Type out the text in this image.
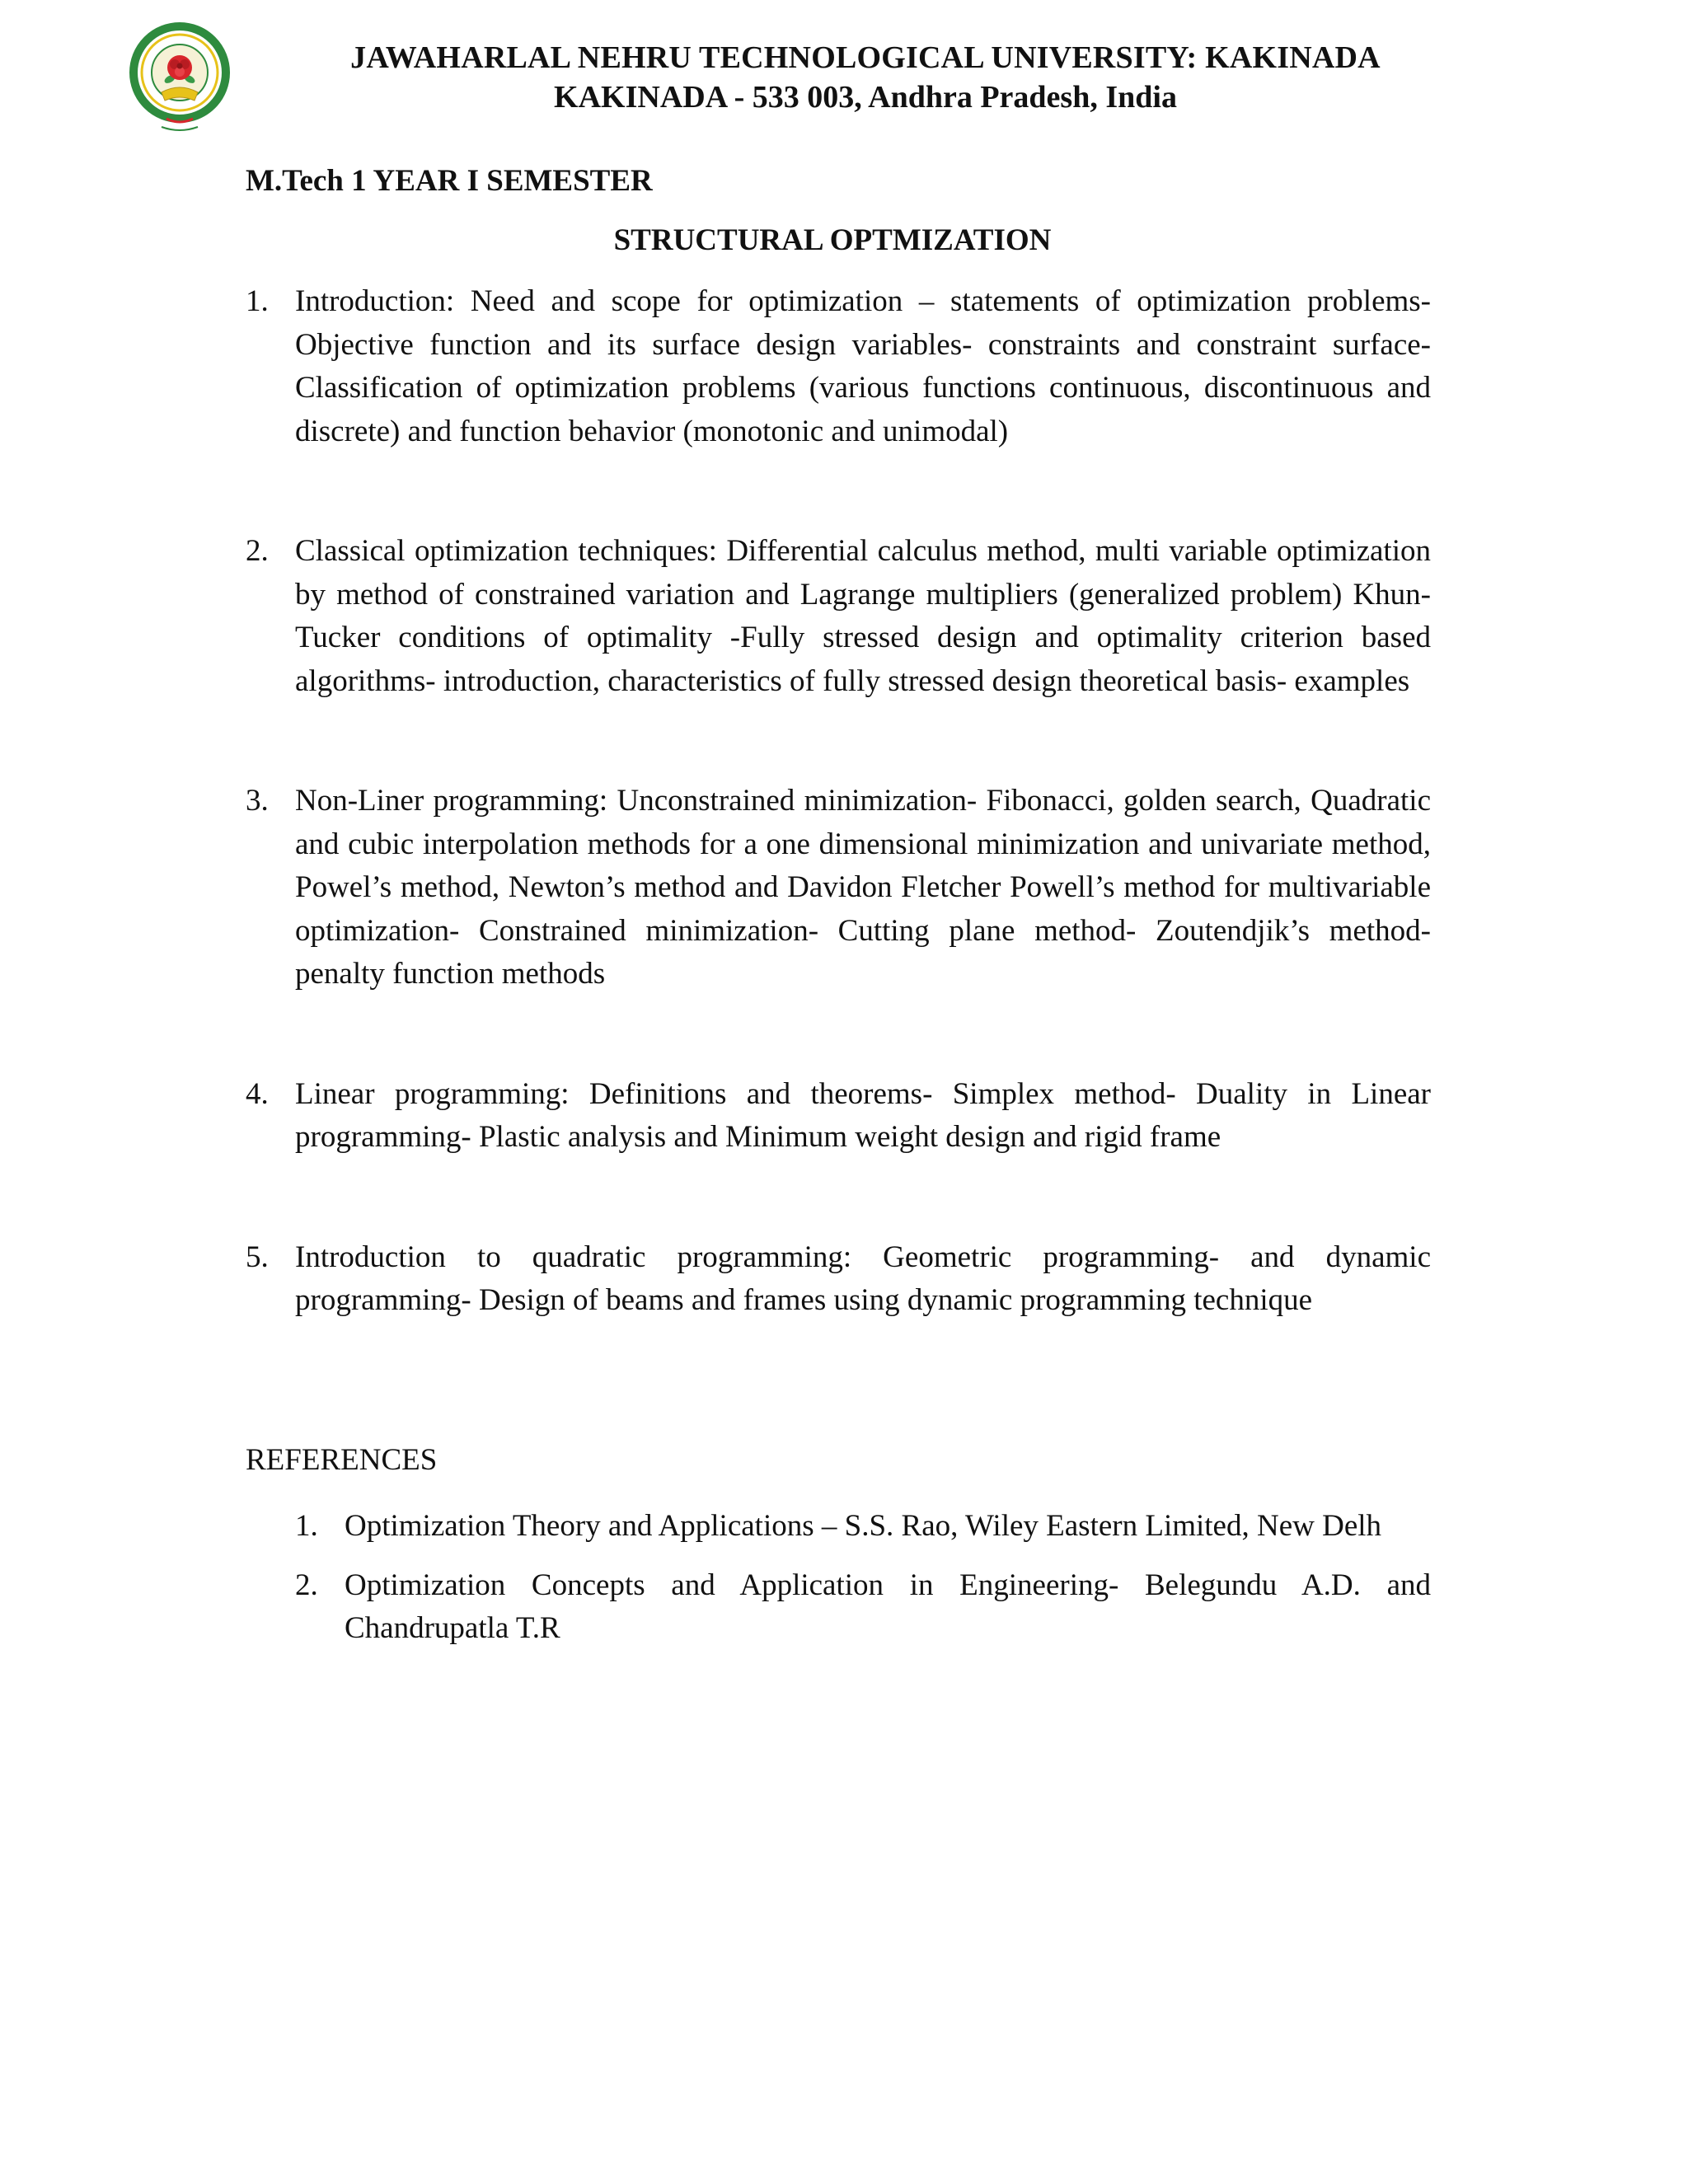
JAWAHARLAL NEHRU TECHNOLOGICAL UNIVERSITY: KAKINADA
KAKINADA - 533 003, Andhra Pradesh, India
M.Tech 1 YEAR I SEMESTER
STRUCTURAL OPTMIZATION
1. Introduction: Need and scope for optimization – statements of optimization problems- Objective function and its surface design variables- constraints and constraint surface- Classification of optimization problems (various functions continuous, discontinuous and discrete) and function behavior (monotonic and unimodal)
2. Classical optimization techniques: Differential calculus method, multi variable optimization by method of constrained variation and Lagrange multipliers (generalized problem) Khun-Tucker conditions of optimality -Fully stressed design and optimality criterion based algorithms- introduction, characteristics of fully stressed design theoretical basis- examples
3. Non-Liner programming: Unconstrained minimization- Fibonacci, golden search, Quadratic and cubic interpolation methods for a one dimensional minimization and univariate method, Powel’s method, Newton’s method and Davidon Fletcher Powell’s method for multivariable optimization- Constrained minimization- Cutting plane method- Zoutendjik’s method- penalty function methods
4. Linear programming: Definitions and theorems- Simplex method- Duality in Linear programming- Plastic analysis and Minimum weight design and rigid frame
5. Introduction to quadratic programming: Geometric programming- and dynamic programming- Design of beams and frames using dynamic programming technique
REFERENCES
1. Optimization Theory and Applications – S.S. Rao, Wiley Eastern Limited, New Delh
2. Optimization Concepts and Application in Engineering- Belegundu A.D. and Chandrupatla T.R
